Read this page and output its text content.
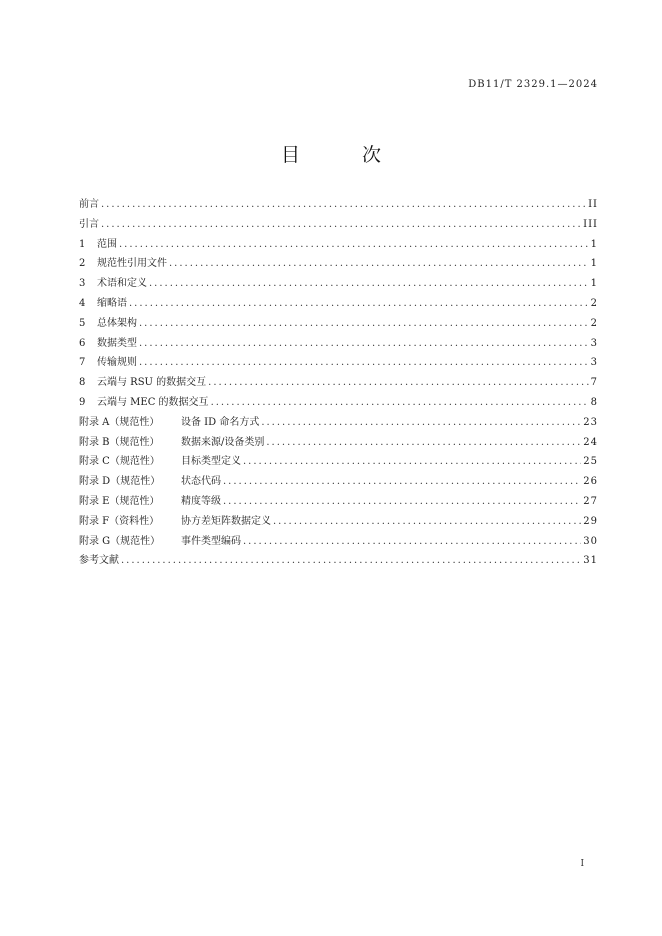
DB11/T 2329.1—2024
目 次
前言 .....	II
引言 .....	III
1	范围 .....	1
2	规范性引用文件 .....	1
3	术语和定义 .....	1
4	缩略语 .....	2
5	总体架构 .....	2
6	数据类型 .....	3
7	传输规则 .....	3
8	云端与 RSU 的数据交互 .....	7
9	云端与 MEC 的数据交互 .....	8
附录 A（规范性）	设备 ID 命名方式 .....	23
附录 B（规范性）	数据来源/设备类别 .....	24
附录 C（规范性）	目标类型定义 .....	25
附录 D（规范性）	状态代码 .....	26
附录 E（规范性）	精度等级 .....	27
附录 F（资料性）	协方差矩阵数据定义 .....	29
附录 G（规范性）	事件类型编码 .....	30
参考文献 .....	31
I
